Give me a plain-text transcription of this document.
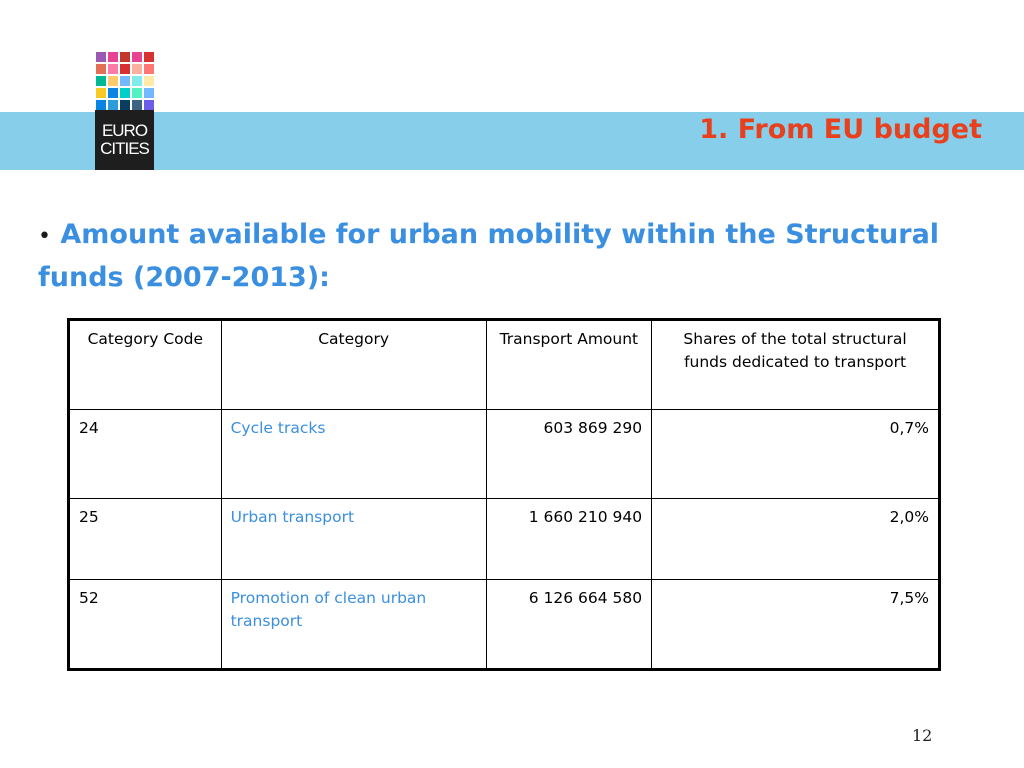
EURO
CITIES
1. From EU budget
• Amount available for urban mobility within the Structural funds (2007-2013):
Category Code	Category	Transport Amount	Shares of the total structural funds dedicated to transport
24	Cycle tracks	603 869 290	0,7%
25	Urban transport	1 660 210 940	2,0%
52	Promotion of clean urban transport	6 126 664 580	7,5%
12
